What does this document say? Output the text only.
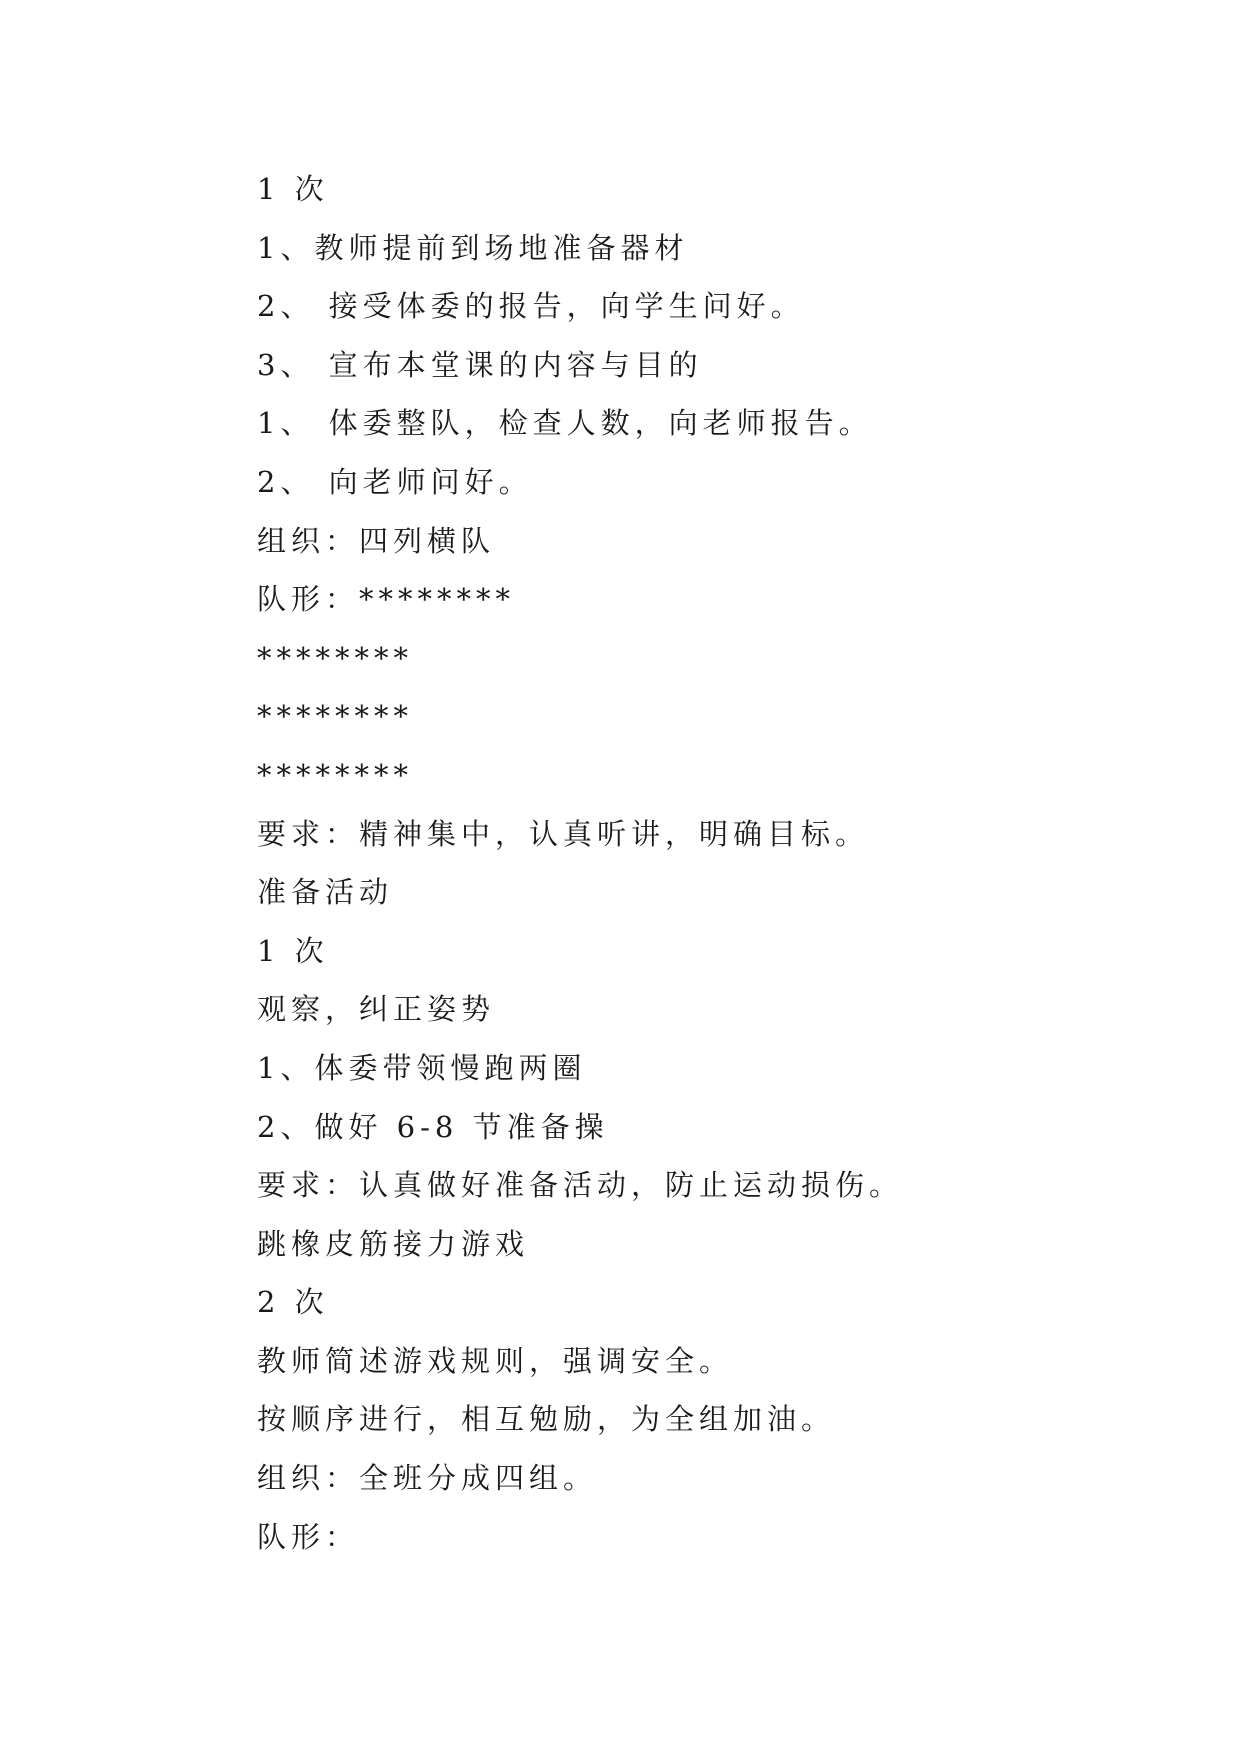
1 次
1、教师提前到场地准备器材
2、 接受体委的报告，向学生问好。
3、 宣布本堂课的内容与目的
1、 体委整队，检查人数，向老师报告。
2、 向老师问好。
组织：四列横队
队形：********
********
********
********
要求：精神集中，认真听讲，明确目标。
准备活动
1 次
观察，纠正姿势
1、体委带领慢跑两圈
2、做好 6-8 节准备操
要求：认真做好准备活动，防止运动损伤。
跳橡皮筋接力游戏
2 次
教师简述游戏规则，强调安全。
按顺序进行，相互勉励，为全组加油。
组织：全班分成四组。
队形：
